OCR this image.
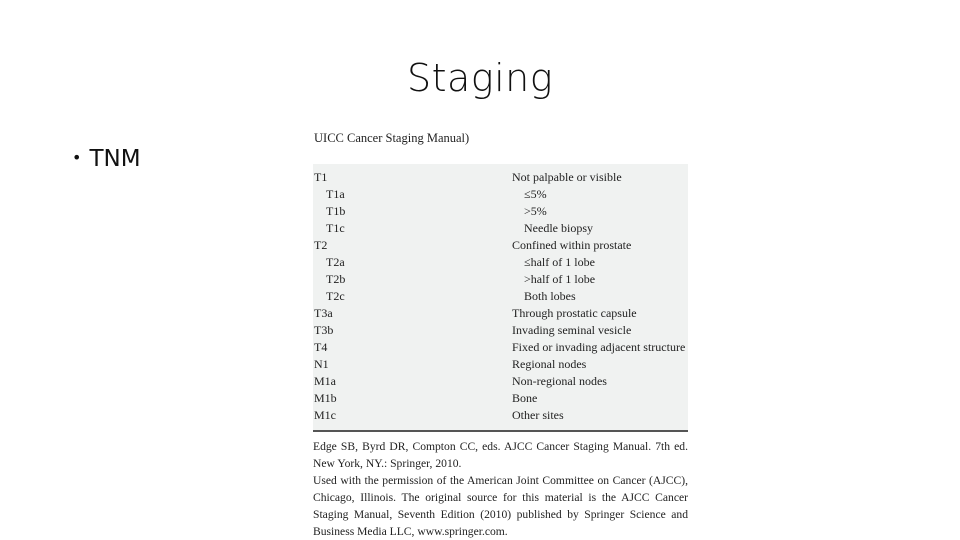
Staging
• TNM
UICC Cancer Staging Manual)
T1	Not palpable or visible
T1a	≤5%
T1b	>5%
T1c	Needle biopsy
T2	Confined within prostate
T2a	≤half of 1 lobe
T2b	>half of 1 lobe
T2c	Both lobes
T3a	Through prostatic capsule
T3b	Invading seminal vesicle
T4	Fixed or invading adjacent structure
N1	Regional nodes
M1a	Non-regional nodes
M1b	Bone
M1c	Other sites

Edge SB, Byrd DR, Compton CC, eds. AJCC Cancer Staging Manual. 7th ed. New York, NY.: Springer, 2010.

Used with the permission of the American Joint Committee on Cancer (AJCC), Chicago, Illinois. The original source for this material is the AJCC Cancer Staging Manual, Seventh Edition (2010) published by Springer Science and Business Media LLC, www.springer.com.
